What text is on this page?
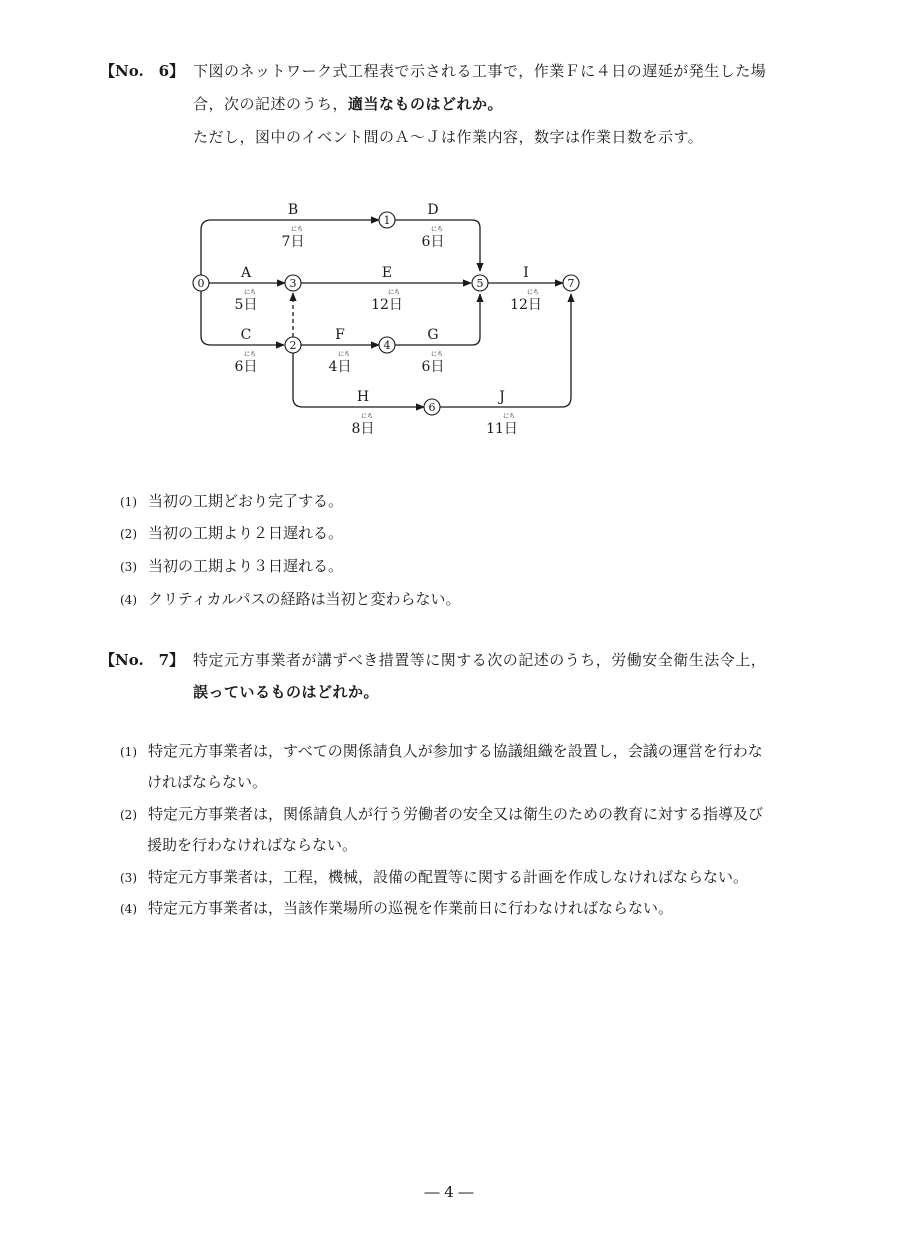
【No.　6】 下図のネットワーク式工程表で示される工事で，作業Ｆに４日の遅延が発生した場
合，次の記述のうち，適当なものはどれか。
ただし，図中のイベント間のＡ～Ｊは作業内容，数字は作業日数を示す。
0
1
2
3
4
5
6
7
B	D
A	E	I
C	F	G
H	J
にち	にち
にち	にち	にち
にち	にち	にち
にち	にち
7日	6日
5日	12日	12日
6日	4日	6日
8日	11日
(1) 当初の工期どおり完了する。
(2) 当初の工期より２日遅れる。
(3) 当初の工期より３日遅れる。
(4) クリティカルパスの経路は当初と変わらない。
【No.　7】 特定元方事業者が講ずべき措置等に関する次の記述のうち，労働安全衛生法令上，
誤っているものはどれか。
(1) 特定元方事業者は，すべての関係請負人が参加する協議組織を設置し，会議の運営を行わな
ければならない。
(2) 特定元方事業者は，関係請負人が行う労働者の安全又は衛生のための教育に対する指導及び
援助を行わなければならない。
(3) 特定元方事業者は，工程，機械，設備の配置等に関する計画を作成しなければならない。
(4) 特定元方事業者は，当該作業場所の巡視を作業前日に行わなければならない。
― 4 ―
